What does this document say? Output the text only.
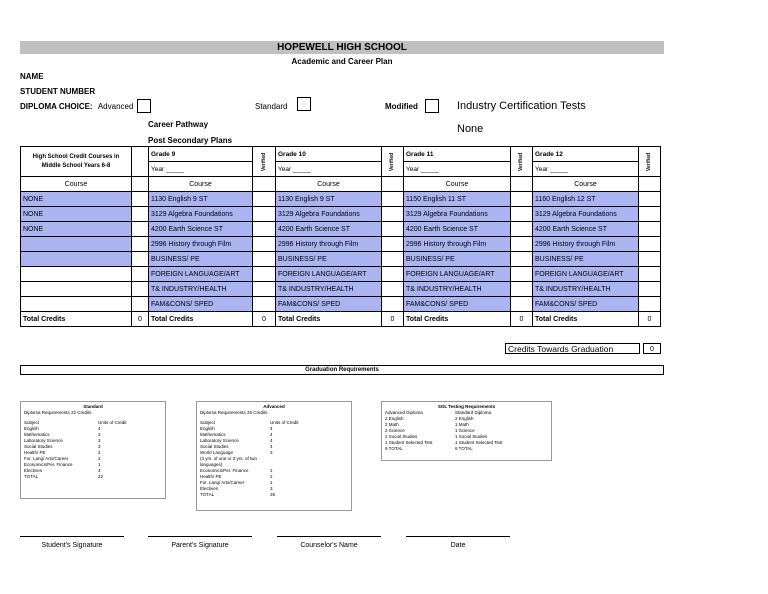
HOPEWELL HIGH SCHOOL
Academic and Career Plan
NAME
STUDENT NUMBER
DIPLOMA CHOICE: Advanced	Standard	Modified	Industry Certification Tests
None
Career Pathway
Post Secondary Plans
High School Credit Courses in Middle School Years 6-8		Grade 9	Verified	Grade 10	Verified	Grade 11	Verified	Grade 12	Verified
		Year _____		Year _____		Year _____		Year _____	
Course		Course		Course		Course		Course	
NONE		1130 English 9 ST		1130 English 9 ST		1150 English 11 ST		1160 English 12 ST	
NONE		3129 Algebra Foundations		3129 Algebra Foundations		3129 Algebra Foundations		3129 Algebra Foundations	
NONE		4200 Earth Science ST		4200 Earth Science ST		4200 Earth Science ST		4200 Earth Science ST	
		2996 History through Film		2996 History through Film		2996 History through Film		2996 History through Film	
		BUSINESS/ PE		BUSINESS/ PE		BUSINESS/ PE		BUSINESS/ PE	
		FOREIGN LANGUAGE/ART		FOREIGN LANGUAGE/ART		FOREIGN LANGUAGE/ART		FOREIGN LANGUAGE/ART	
		T& INDUSTRY/HEALTH		T& INDUSTRY/HEALTH		T& INDUSTRY/HEALTH		T& INDUSTRY/HEALTH	
		FAM&CONS/ SPED		FAM&CONS/ SPED		FAM&CONS/ SPED		FAM&CONS/ SPED	
Total Credits	0	Total Credits	0	Total Credits	0	Total Credits	0	Total Credits	0
Credits Towards Graduation	0
Graduation Requirements
Standard
Diploma Requirements 22 Credits
Subject	Units of Credit
English	4
Mathematics	3
Laboratory Science	3
Social Studies	3
Health/ PE	2
For. Lang/ Arts/Career	2
Economics/Per. Finance	1
Electives	4
TOTAL	22
Advanced
Diploma Requirements 26 Credits
Subject	Units of Credit
English	4
Mathematics	4
Laboratory Science	4
Social Studies	4
World Language	3
(3 yrs. of one or 2 yrs. of two languages)
Economics/Per. Finance	1
Health/ PE	2
For. Lang/ Arts/Career	1
Electives	3
TOTAL	26
SOL Testing Requirements
Advanced Diploma	Standard Diploma
2 English	2 English
2 Math	1 Math
2 Science	1 Science
2 Social Studies	1 Social Studies
1 Student Selected Test	1 Student Selected Test
9 TOTAL	6 TOTAL
Student's Signature	Parent's Signature	Counselor's Name	Date
